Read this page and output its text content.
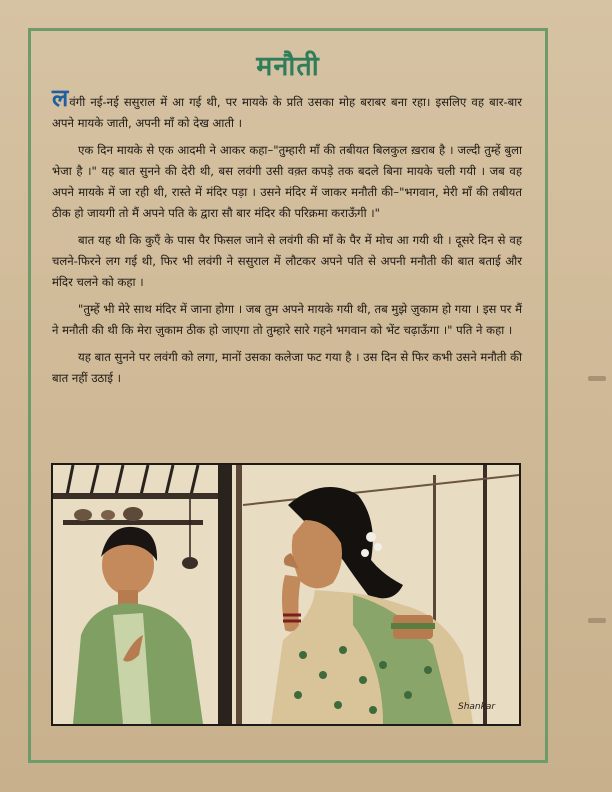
मनौती

लवंगी नई-नई ससुराल में आ गई थी, पर मायके के प्रति उसका मोह बराबर बना रहा। इसलिए वह बार-बार अपने मायके जाती, अपनी माँ को देख आती ।

एक दिन मायके से एक आदमी ने आकर कहा–"तुम्हारी माँ की तबीयत बिलकुल ख़राब है । जल्दी तुम्हें बुला भेजा है ।" यह बात सुनने की देरी थी, बस लवंगी उसी वक़्त कपड़े तक बदले बिना मायके चली गयी । जब वह अपने मायके में जा रही थी, रास्ते में मंदिर पड़ा । उसने मंदिर में जाकर मनौती की–"भगवान, मेरी माँ की तबीयत ठीक हो जायगी तो मैं अपने पति के द्वारा सौ बार मंदिर की परिक्रमा कराऊँगी ।"

बात यह थी कि कुएँ के पास पैर फिसल जाने से लवंगी की माँ के पैर में मोच आ गयी थी । दूसरे दिन से वह चलने-फिरने लग गई थी, फिर भी लवंगी ने ससुराल में लौटकर अपने पति से अपनी मनौती की बात बताई और मंदिर चलने को कहा ।

"तुम्हें भी मेरे साथ मंदिर में जाना होगा । जब तुम अपने मायके गयी थी, तब मुझे ज़ुकाम हो गया । इस पर मैं ने मनौती की थी कि मेरा ज़ुकाम ठीक हो जाएगा तो तुम्हारे सारे गहने भगवान को भेंट चढ़ाऊँगा ।" पति ने कहा ।

यह बात सुनने पर लवंगी को लगा, मानों उसका कलेजा फट गया है । उस दिन से फिर कभी उसने मनौती की बात नहीं उठाई ।

Shankar
